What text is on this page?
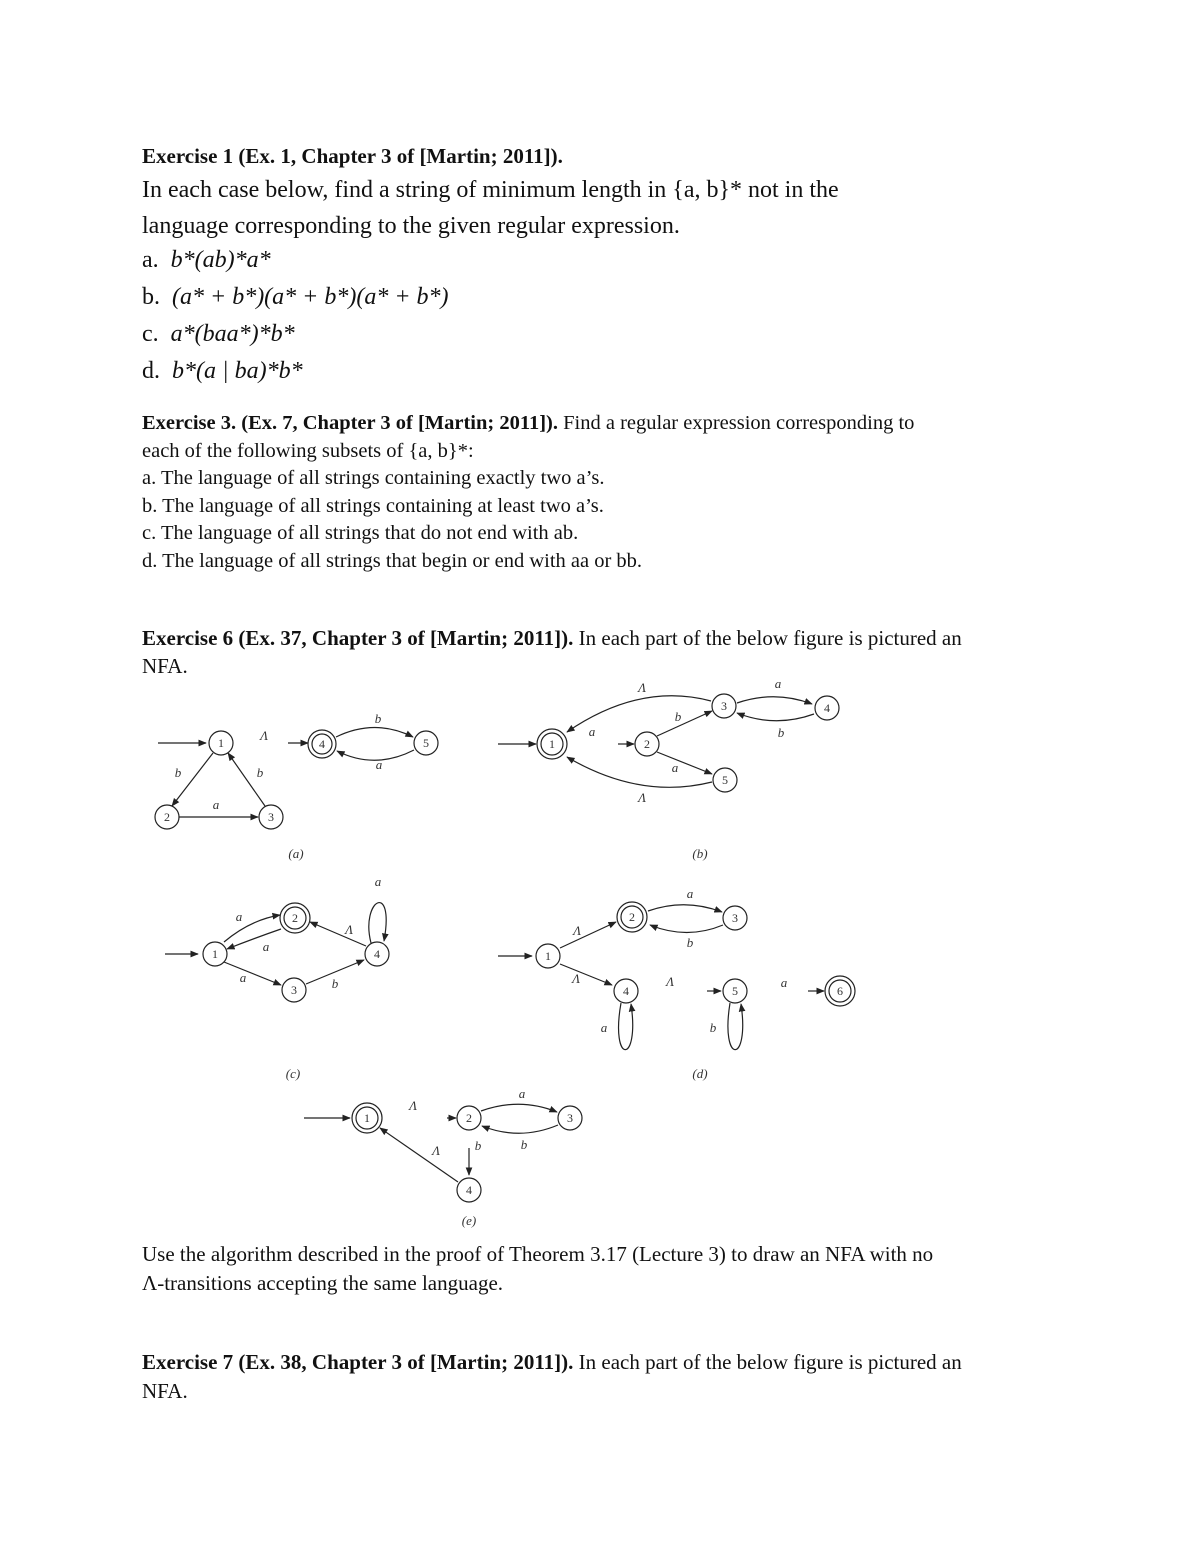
Exercise 1 (Ex. 1, Chapter 3 of [Martin; 2011]).
In each case below, find a string of minimum length in {a, b}* not in the
language corresponding to the given regular expression.
a. b*(ab)*a*
b. (a* + b*)(a* + b*)(a* + b*)
c. a*(baa*)*b*
d. b*(a | ba)*b*
Exercise 3. (Ex. 7, Chapter 3 of [Martin; 2011]). Find a regular expression corresponding to
each of the following subsets of {a, b}*:
a. The language of all strings containing exactly two a’s.
b. The language of all strings containing at least two a’s.
c. The language of all strings that do not end with ab.
d. The language of all strings that begin or end with aa or bb.
Exercise 6 (Ex. 37, Chapter 3 of [Martin; 2011]). In each part of the below figure is pictured an
NFA.
1
2	3
4	5
b	b
a
Λ
b
a
(a)
1	2
3	4
5
Λ
Λ
a
b
a
a
b
(b)
1
2
3
4
a
a
a	b
Λ
a
(c)
1
2	3
4	5	6
Λ
Λ
a
b
Λ
a	b
a
(d)
1	2	3
4
Λ
a
b
b
Λ
(e)
Use the algorithm described in the proof of Theorem 3.17 (Lecture 3) to draw an NFA with no
Λ-transitions accepting the same language.
Exercise 7 (Ex. 38, Chapter 3 of [Martin; 2011]). In each part of the below figure is pictured an
NFA.
